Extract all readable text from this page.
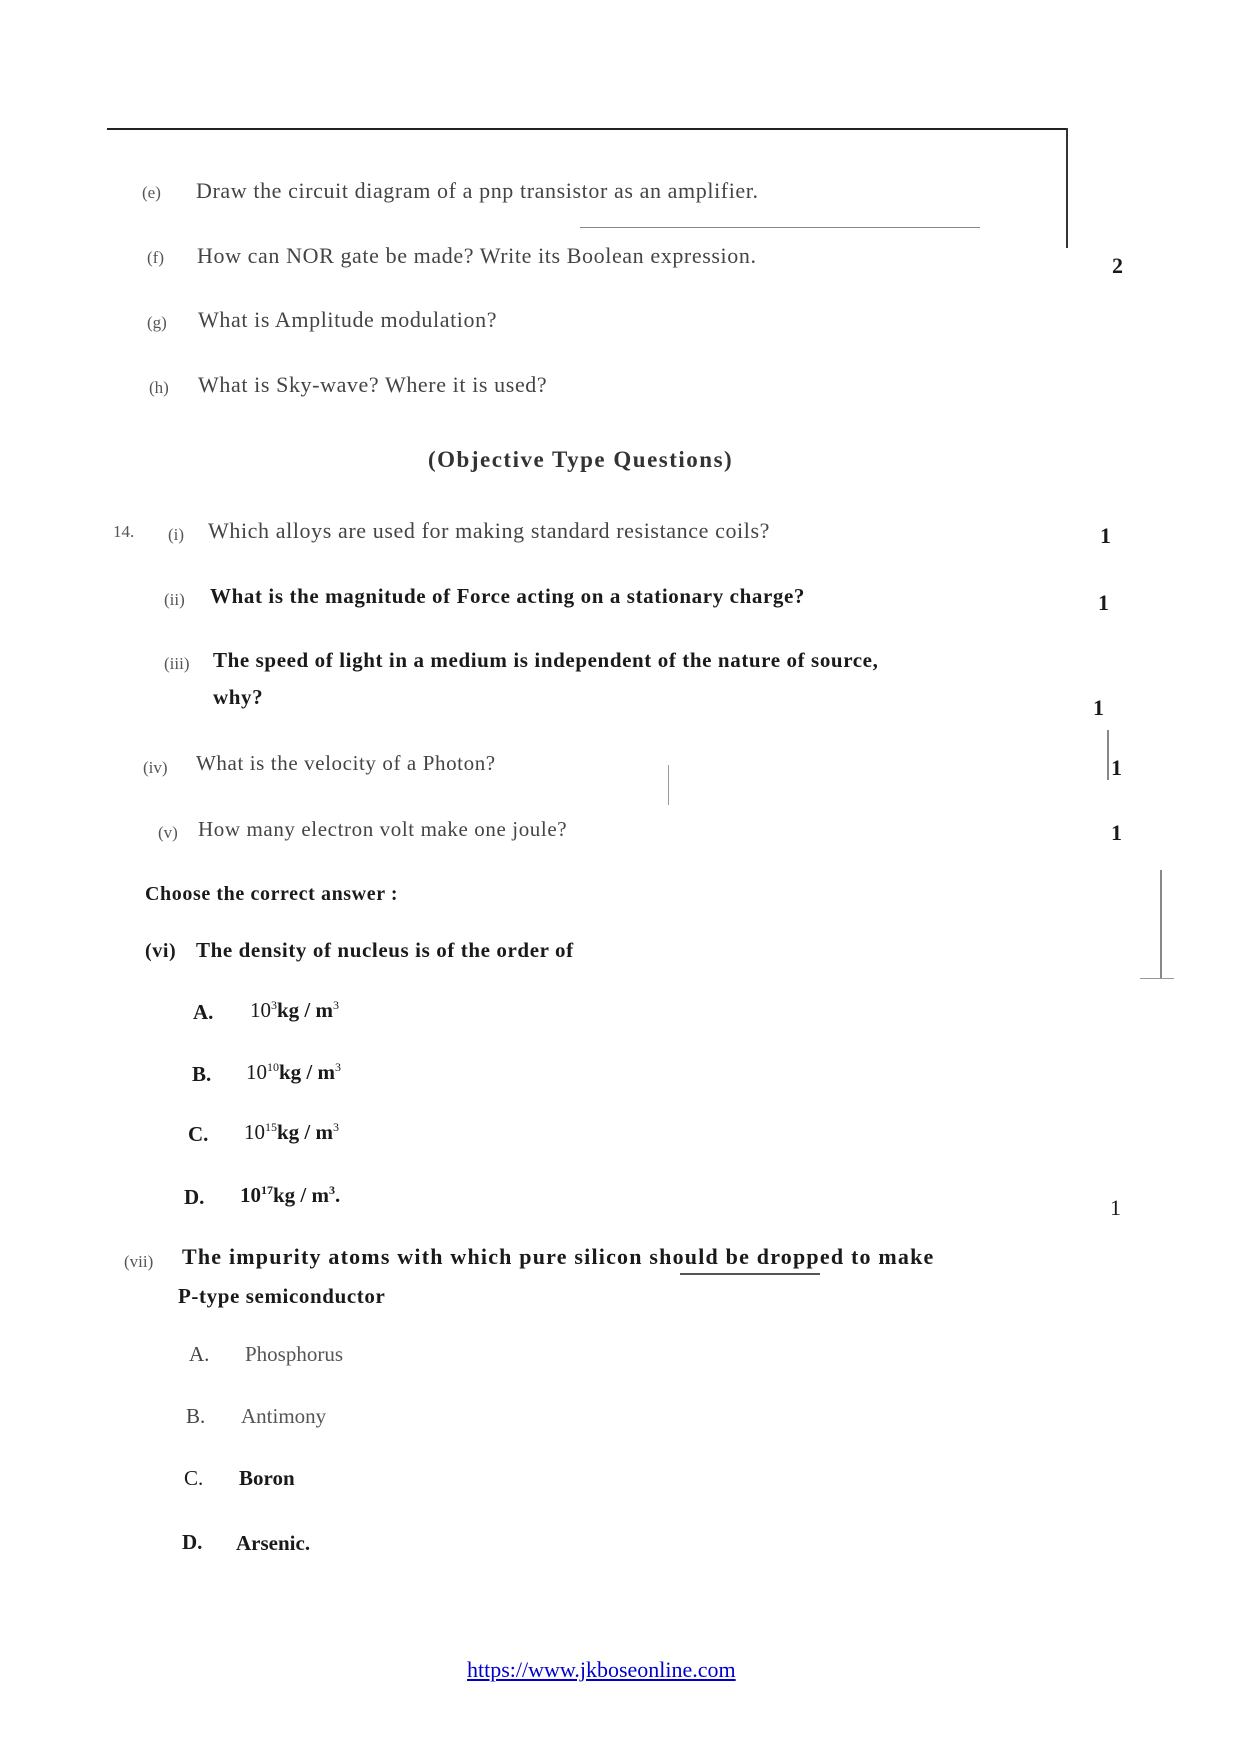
(e) Draw the circuit diagram of a pnp transistor as an amplifier.
(f) How can NOR gate be made? Write its Boolean expression.	2
(g) What is Amplitude modulation?
(h) What is Sky-wave? Where it is used?
(Objective Type Questions)
14. (i) Which alloys are used for making standard resistance coils?	1
(ii) What is the magnitude of Force acting on a stationary charge?	1
(iii) The speed of light in a medium is independent of the nature of source,
why?	1
(iv) What is the velocity of a Photon?	1
(v) How many electron volt make one joule?	1
Choose the correct answer :
(vi) The density of nucleus is of the order of
A. $10^3kg / m^3$
B. $10^{10}kg / m^3$
C. $10^{15}kg / m^3$
D. $10^{17}kg / m^3$.	1
(vii) The impurity atoms with which pure silicon should be dropped to make
P-type semiconductor
A. Phosphorus
B. Antimony
C. Boron
D. Arsenic.
https://www.jkboseonline.com
